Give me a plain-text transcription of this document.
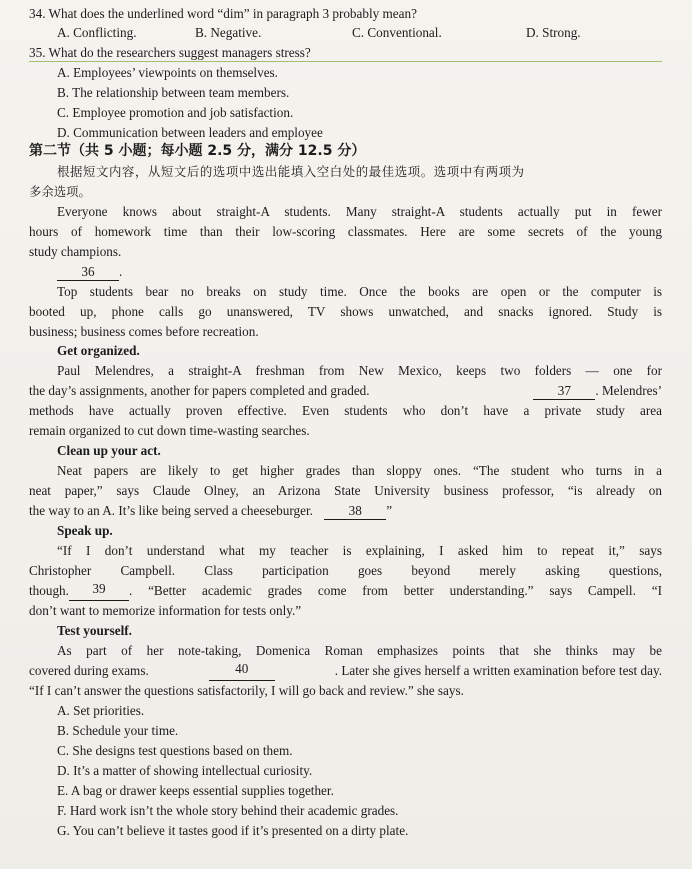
34. What does the underlined word “dim” in paragraph 3 probably mean?
A. Conflicting.	B. Negative.	C. Conventional.	D. Strong.
35. What do the researchers suggest managers stress?
A. Employees’ viewpoints on themselves.
B. The relationship between team members.
C. Employee promotion and job satisfaction.
D. Communication between leaders and employee
第二节（共 5 小题；每小题 2.5 分，满分 12.5 分）
根据短文内容，从短文后的选项中选出能填入空白处的最佳选项。选项中有两项为
多余选项。
Everyone knows about straight-A students. Many straight-A students actually put in fewer
hours of homework time than their low-scoring classmates. Here are some secrets of the young
study champions.
36 .
Top students bear no breaks on study time. Once the books are open or the computer is
booted up, phone calls go unanswered, TV shows unwatched, and snacks ignored. Study is
business; business comes before recreation.
Get organized.
Paul Melendres, a straight-A freshman from New Mexico, keeps two folders — one for
the day’s assignments, another for papers completed and graded.	37 . Melendres’
methods have actually proven effective. Even students who don’t have a private study area
remain organized to cut down time-wasting searches.
Clean up your act.
Neat papers are likely to get higher grades than sloppy ones. “The student who turns in a
neat paper,” says Claude Olney, an Arizona State University business professor, “is already on
the way to an A. It’s like being served a cheeseburger.	38 ”
Speak up.
“If I don’t understand what my teacher is explaining, I asked him to repeat it,” says
Christopher Campbell. Class participation goes beyond merely asking questions,
though.	39	. “Better academic grades come from better understanding.” says Campell. “I
don’t want to memorize information for tests only.”
Test yourself.
As part of her note-taking, Domenica Roman emphasizes points that she thinks may be
covered during exams.	40	. Later she gives herself a written examination before test day.
“If I can’t answer the questions satisfactorily, I will go back and review.” she says.
A. Set priorities.
B. Schedule your time.
C. She designs test questions based on them.
D. It’s a matter of showing intellectual curiosity.
E. A bag or drawer keeps essential supplies together.
F. Hard work isn’t the whole story behind their academic grades.
G. You can’t believe it tastes good if it’s presented on a dirty plate.
